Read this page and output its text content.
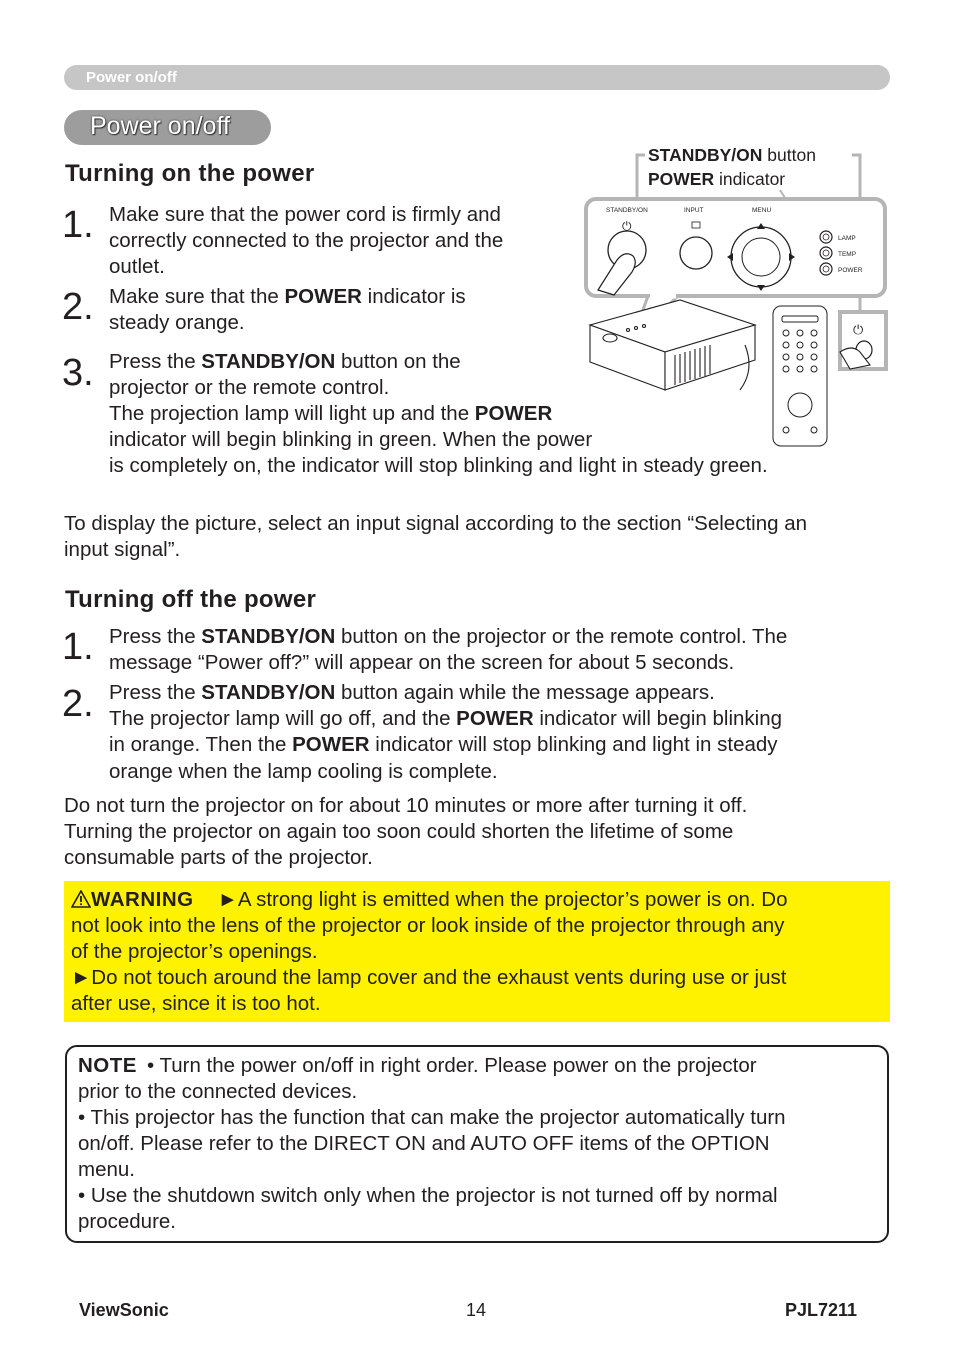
Power on/off
Power on/off
Turning on the power
1. Make sure that the power cord is firmly and
correctly connected to the projector and the
outlet.
2. Make sure that the POWER indicator is
steady orange.
3. Press the STANDBY/ON button on the
projector or the remote control.
The projection lamp will light up and the POWER
indicator will begin blinking in green. When the power
is completely on, the indicator will stop blinking and light in steady green.
To display the picture, select an input signal according to the section “Selecting an
input signal”.
STANDBY/ON button
POWER indicator
STANDBY/ON	INPUT	MENU
LAMP
TEMP
POWER
⏻
⏻
Turning off the power
1. Press the STANDBY/ON button on the projector or the remote control. The
message “Power off?” will appear on the screen for about 5 seconds.
2. Press the STANDBY/ON button again while the message appears.
The projector lamp will go off, and the POWER indicator will begin blinking
in orange. Then the POWER indicator will stop blinking and light in steady
orange when the lamp cooling is complete.
Do not turn the projector on for about 10 minutes or more after turning it off.
Turning the projector on again too soon could shorten the lifetime of some
consumable parts of the projector.
WARNING ►A strong light is emitted when the projector’s power is on. Do
not look into the lens of the projector or look inside of the projector through any
of the projector’s openings.
►Do not touch around the lamp cover and the exhaust vents during use or just
after use, since it is too hot.
NOTE • Turn the power on/off in right order. Please power on the projector
prior to the connected devices.
• This projector has the function that can make the projector automatically turn
on/off. Please refer to the DIRECT ON and AUTO OFF items of the OPTION
menu.
• Use the shutdown switch only when the projector is not turned off by normal
procedure.
ViewSonic	14	PJL7211
